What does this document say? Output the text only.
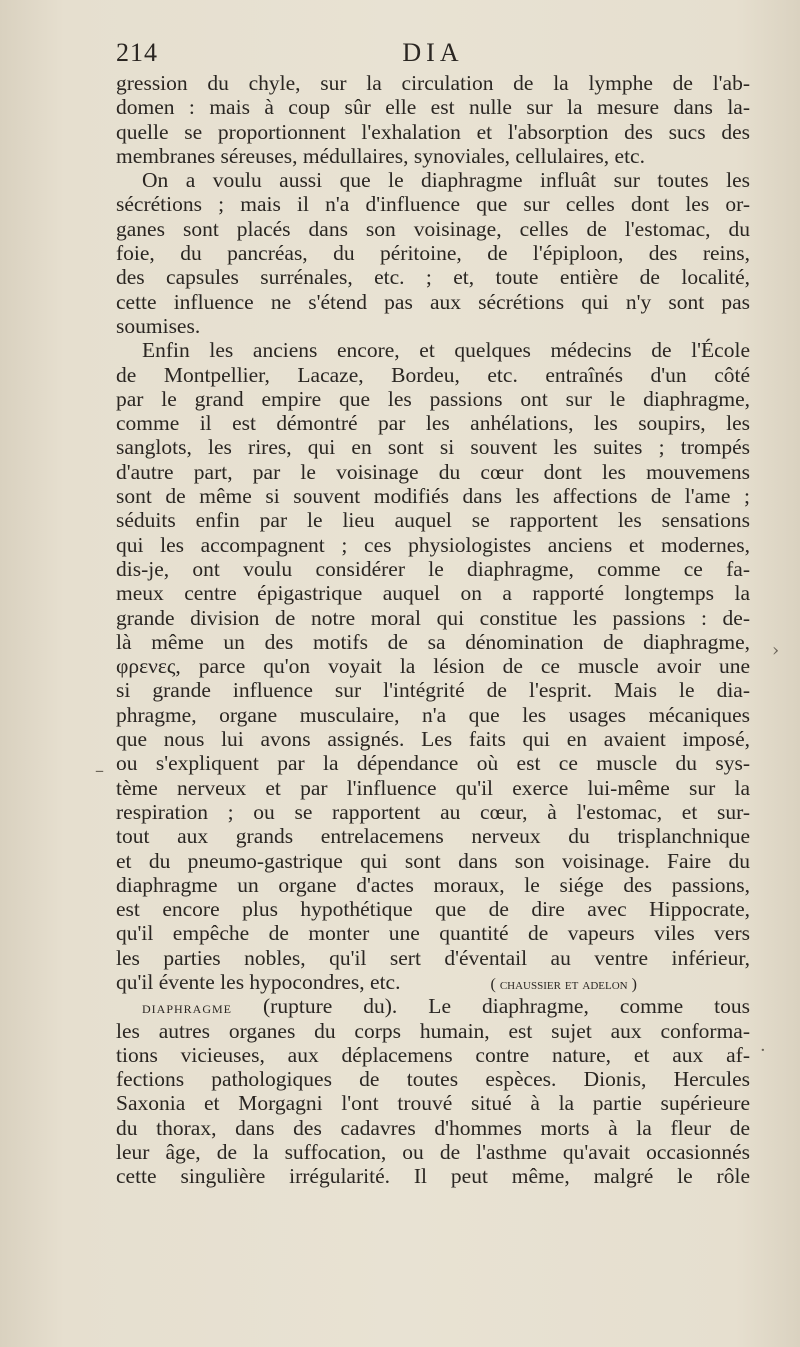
214	DIA
gression du chyle, sur la circulation de la lymphe de l'ab-
domen : mais à coup sûr elle est nulle sur la mesure dans la-
quelle se proportionnent l'exhalation et l'absorption des sucs des
membranes séreuses, médullaires, synoviales, cellulaires, etc.
On a voulu aussi que le diaphragme influât sur toutes les
sécrétions ; mais il n'a d'influence que sur celles dont les or-
ganes sont placés dans son voisinage, celles de l'estomac, du
foie, du pancréas, du péritoine, de l'épiploon, des reins,
des capsules surrénales, etc. ; et, toute entière de localité,
cette influence ne s'étend pas aux sécrétions qui n'y sont pas
soumises.
Enfin les anciens encore, et quelques médecins de l'École
de Montpellier, Lacaze, Bordeu, etc. entraînés d'un côté
par le grand empire que les passions ont sur le diaphragme,
comme il est démontré par les anhélations, les soupirs, les
sanglots, les rires, qui en sont si souvent les suites ; trompés
d'autre part, par le voisinage du cœur dont les mouvemens
sont de même si souvent modifiés dans les affections de l'ame ;
séduits enfin par le lieu auquel se rapportent les sensations
qui les accompagnent ; ces physiologistes anciens et modernes,
dis-je, ont voulu considérer le diaphragme, comme ce fa-
meux centre épigastrique auquel on a rapporté longtemps la
grande division de notre moral qui constitue les passions : de-
là même un des motifs de sa dénomination de diaphragme,
φρενες, parce qu'on voyait la lésion de ce muscle avoir une
si grande influence sur l'intégrité de l'esprit. Mais le dia-
phragme, organe musculaire, n'a que les usages mécaniques
que nous lui avons assignés. Les faits qui en avaient imposé,
ou s'expliquent par la dépendance où est ce muscle du sys-
tème nerveux et par l'influence qu'il exerce lui-même sur la
respiration ; ou se rapportent au cœur, à l'estomac, et sur-
tout aux grands entrelacemens nerveux du trisplanchnique
et du pneumo-gastrique qui sont dans son voisinage. Faire du
diaphragme un organe d'actes moraux, le siége des passions,
est encore plus hypothétique que de dire avec Hippocrate,
qu'il empêche de monter une quantité de vapeurs viles vers
les parties nobles, qu'il sert d'éventail au ventre inférieur,
qu'il évente les hypocondres, etc.	( chaussier et adelon )
diaphragme (rupture du). Le diaphragme, comme tous
les autres organes du corps humain, est sujet aux conforma-
tions vicieuses, aux déplacemens contre nature, et aux af-
fections pathologiques de toutes espèces. Dionis, Hercules
Saxonia et Morgagni l'ont trouvé situé à la partie supérieure
du thorax, dans des cadavres d'hommes morts à la fleur de
leur âge, de la suffocation, ou de l'asthme qu'avait occasionnés
cette singulière irrégularité. Il peut même, malgré le rôle
›
–
·
